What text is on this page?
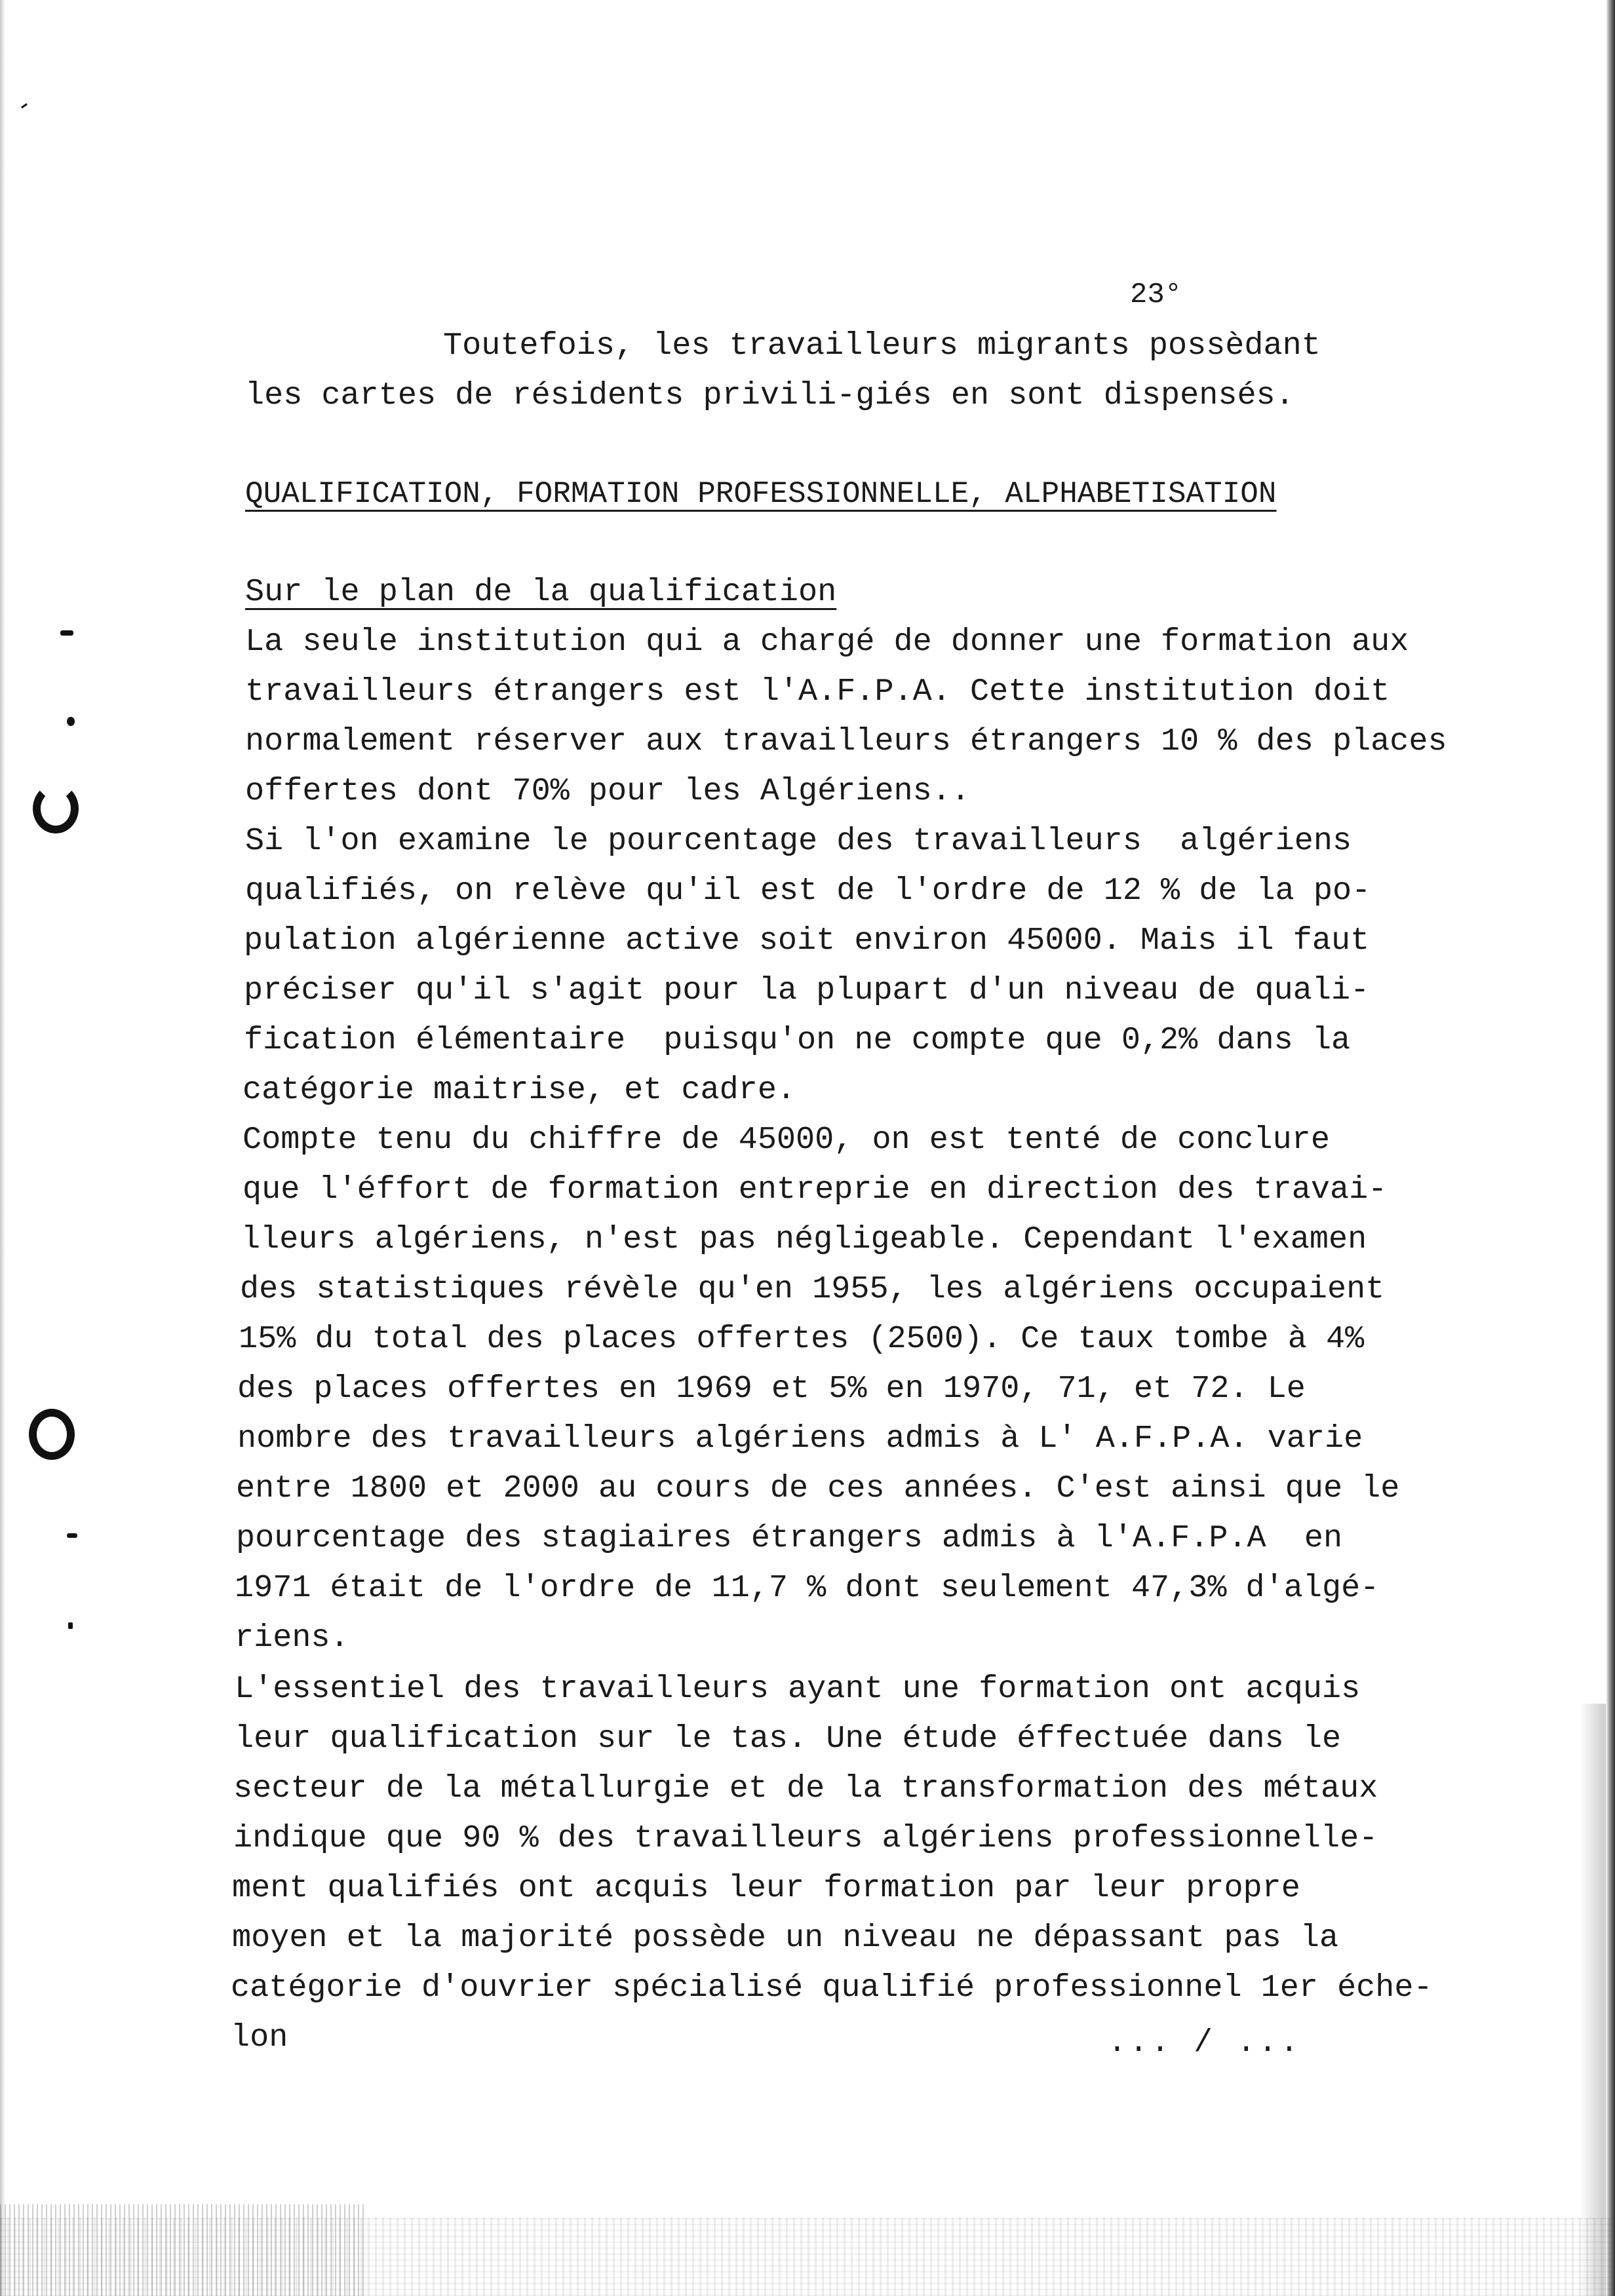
23°
Toutefois, les travailleurs migrants possèdant
les cartes de résidents privili-giés en sont dispensés.
QUALIFICATION, FORMATION PROFESSIONNELLE, ALPHABETISATION
Sur le plan de la qualification
La seule institution qui a chargé de donner une formation aux
travailleurs étrangers est l'A.F.P.A. Cette institution doit
normalement réserver aux travailleurs étrangers 10 % des places
offertes dont 70% pour les Algériens..
Si l'on examine le pourcentage des travailleurs  algériens
qualifiés, on relève qu'il est de l'ordre de 12 % de la po-
pulation algérienne active soit environ 45000. Mais il faut
préciser qu'il s'agit pour la plupart d'un niveau de quali-
fication élémentaire  puisqu'on ne compte que 0,2% dans la
catégorie maitrise, et cadre.
Compte tenu du chiffre de 45000, on est tenté de conclure
que l'éffort de formation entreprie en direction des travai-
lleurs algériens, n'est pas négligeable. Cependant l'examen
des statistiques révèle qu'en 1955, les algériens occupaient
15% du total des places offertes (2500). Ce taux tombe à 4%
des places offertes en 1969 et 5% en 1970, 71, et 72. Le
nombre des travailleurs algériens admis à L' A.F.P.A. varie
entre 1800 et 2000 au cours de ces années. C'est ainsi que le
pourcentage des stagiaires étrangers admis à l'A.F.P.A  en
1971 était de l'ordre de 11,7 % dont seulement 47,3% d'algé-
riens.
L'essentiel des travailleurs ayant une formation ont acquis
leur qualification sur le tas. Une étude éffectuée dans le
secteur de la métallurgie et de la transformation des métaux
indique que 90 % des travailleurs algériens professionnelle-
ment qualifiés ont acquis leur formation par leur propre
moyen et la majorité possède un niveau ne dépassant pas la
catégorie d'ouvrier spécialisé qualifié professionnel 1er éche-
lon	... / ...
